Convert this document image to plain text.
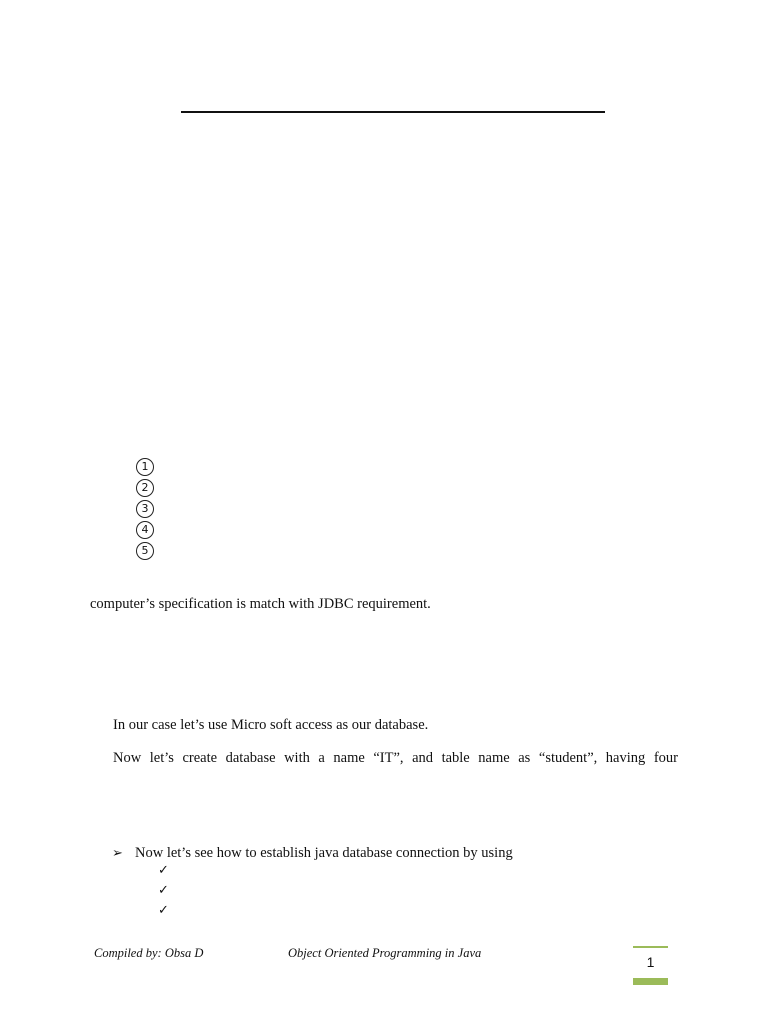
1
2
3
4
5
computer’s specification is match with JDBC requirement.
In our case let’s use Micro soft access as our database.
Now let’s create database with a name “IT”, and table name as “student”, having four
➢ Now let’s see how to establish java database connection by using
✓
✓
✓
Compiled by: Obsa D	Object Oriented Programming in Java
1
